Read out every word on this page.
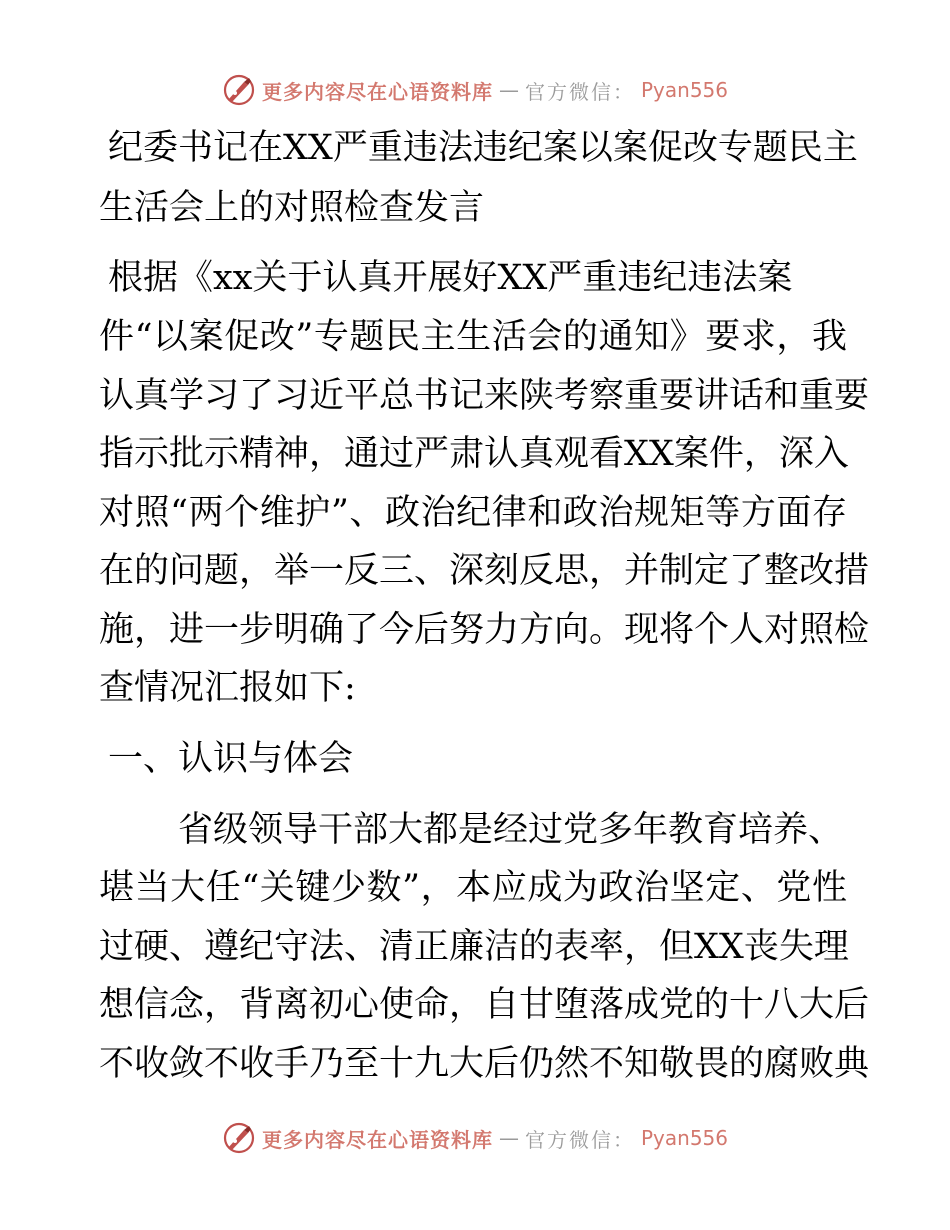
更多内容尽在心语资料库 — 官方微信： Pyan556
纪委书记在XX严重违法违纪案以案促改专题民主
生活会上的对照检查发言

根据《xx关于认真开展好XX严重违纪违法案

件“以案促改”专题民主生活会的通知》要求，我

认真学习了习近平总书记来陕考察重要讲话和重要

指示批示精神，通过严肃认真观看XX案件，深入

对照“两个维护”、政治纪律和政治规矩等方面存

在的问题，举一反三、深刻反思，并制定了整改措

施，进一步明确了今后努力方向。现将个人对照检

查情况汇报如下:

一、认识与体会

省级领导干部大都是经过党多年教育培养、

堪当大任“关键少数”，本应成为政治坚定、党性

过硬、遵纪守法、清正廉洁的表率，但XX丧失理

想信念，背离初心使命，自甘堕落成党的十八大后

不收敛不收手乃至十九大后仍然不知敬畏的腐败典

更多内容尽在心语资料库 — 官方微信： Pyan556
